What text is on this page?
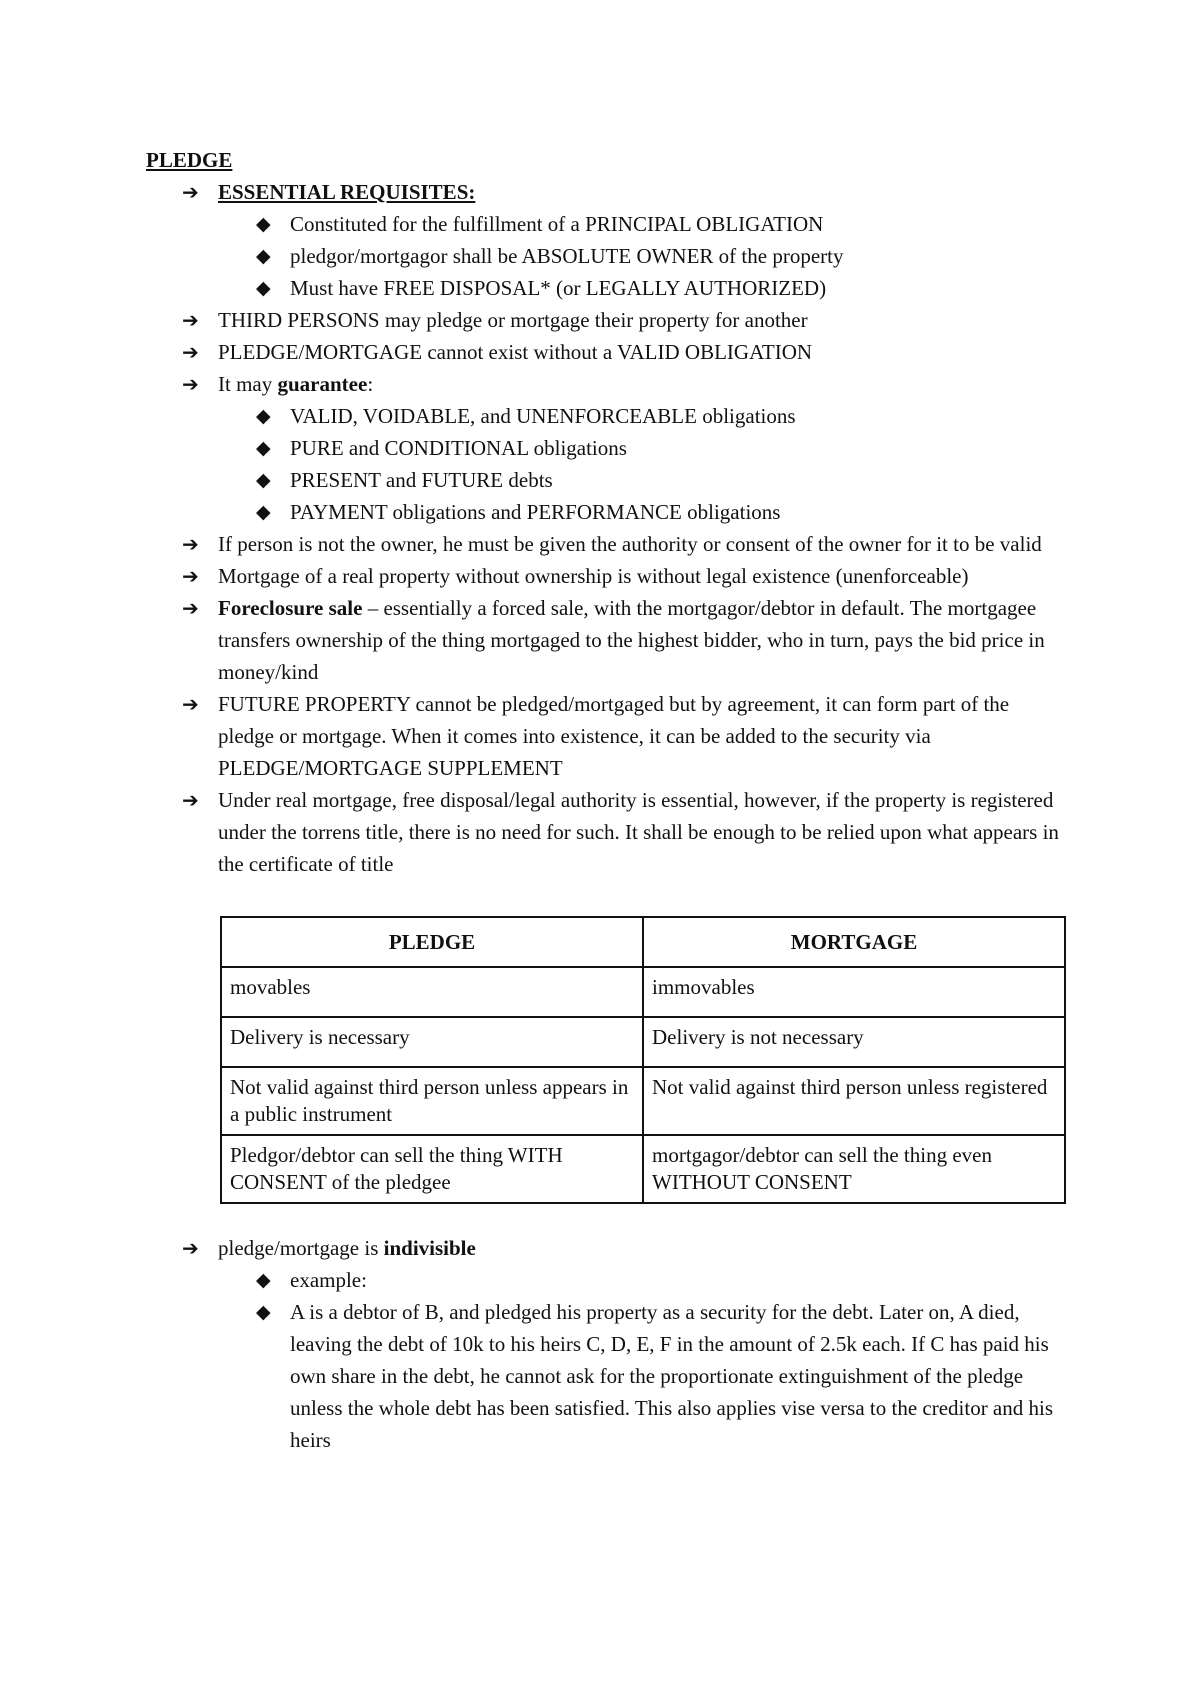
PLEDGE
➔ ESSENTIAL REQUISITES:
◆ Constituted for the fulfillment of a PRINCIPAL OBLIGATION
◆ pledgor/mortgagor shall be ABSOLUTE OWNER of the property
◆ Must have FREE DISPOSAL* (or LEGALLY AUTHORIZED)
➔ THIRD PERSONS may pledge or mortgage their property for another
➔ PLEDGE/MORTGAGE cannot exist without a VALID OBLIGATION
➔ It may guarantee:
◆ VALID, VOIDABLE, and UNENFORCEABLE obligations
◆ PURE and CONDITIONAL obligations
◆ PRESENT and FUTURE debts
◆ PAYMENT obligations and PERFORMANCE obligations
➔ If person is not the owner, he must be given the authority or consent of the owner for it to be valid
➔ Mortgage of a real property without ownership is without legal existence (unenforceable)
➔ Foreclosure sale – essentially a forced sale, with the mortgagor/debtor in default. The mortgagee transfers ownership of the thing mortgaged to the highest bidder, who in turn, pays the bid price in money/kind
➔ FUTURE PROPERTY cannot be pledged/mortgaged but by agreement, it can form part of the pledge or mortgage. When it comes into existence, it can be added to the security via PLEDGE/MORTGAGE SUPPLEMENT
➔ Under real mortgage, free disposal/legal authority is essential, however, if the property is registered under the torrens title, there is no need for such. It shall be enough to be relied upon what appears in the certificate of title
PLEDGE	MORTGAGE
movables	immovables
Delivery is necessary	Delivery is not necessary
Not valid against third person unless appears in a public instrument	Not valid against third person unless registered
Pledgor/debtor can sell the thing WITH CONSENT of the pledgee	mortgagor/debtor can sell the thing even WITHOUT CONSENT
➔ pledge/mortgage is indivisible
◆ example:
◆ A is a debtor of B, and pledged his property as a security for the debt. Later on, A died, leaving the debt of 10k to his heirs C, D, E, F in the amount of 2.5k each. If C has paid his own share in the debt, he cannot ask for the proportionate extinguishment of the pledge unless the whole debt has been satisfied. This also applies vise versa to the creditor and his heirs
